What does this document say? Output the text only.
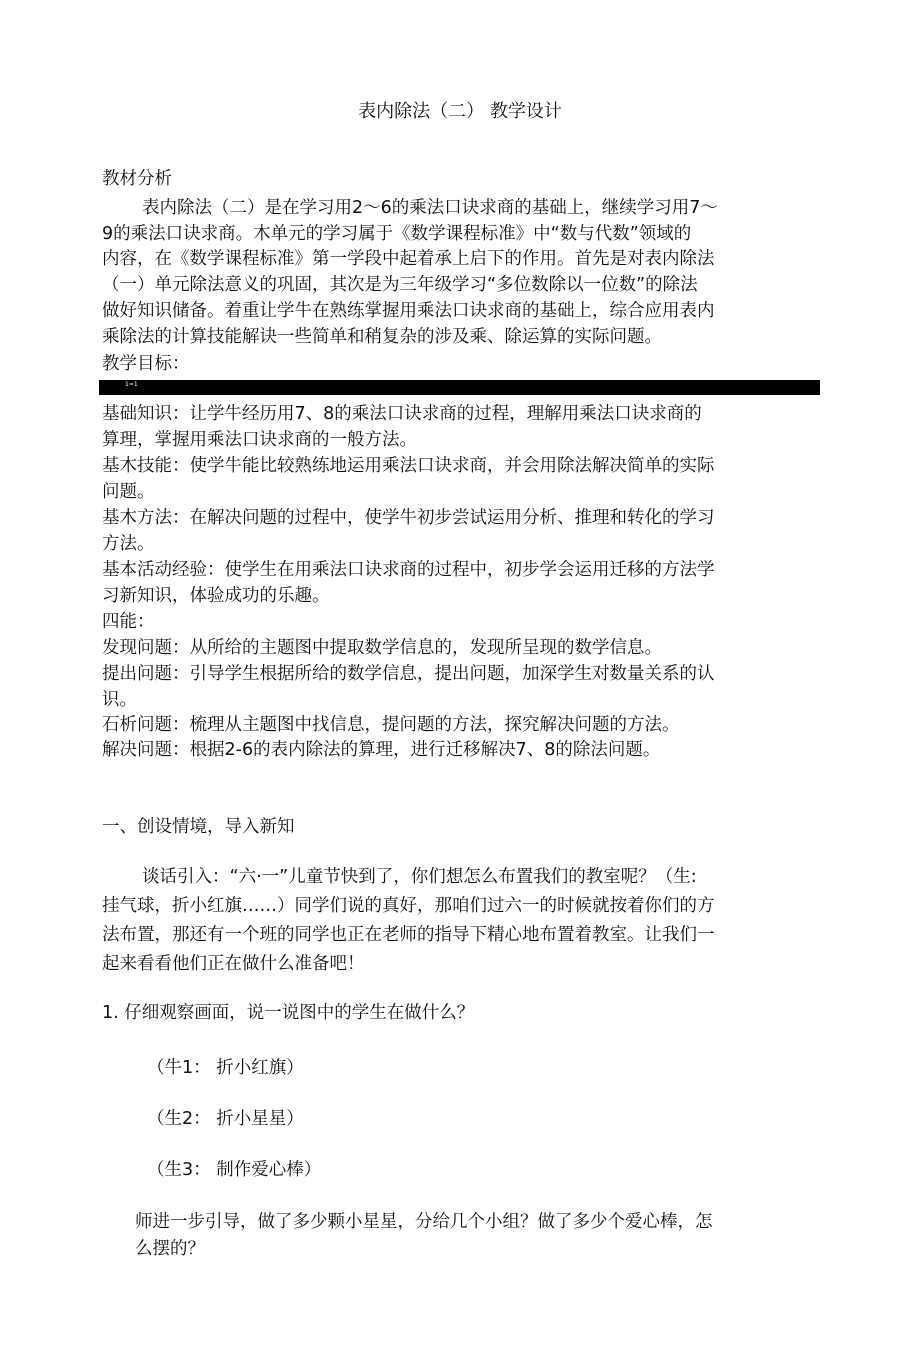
表内除法（二） 教学设计
教材分析
表内除法（二）是在学习用2～6的乘法口诀求商的基础上，继续学习用7～
9的乘法口诀求商。木单元的学习属于《数学课程标准》中“数与代数”领域的
内容，在《数学课程标准》第一学段中起着承上启下的作用。首先是对表内除法
（一）单元除法意义的巩固，其次是为三年级学习“多位数除以一位数”的除法
做好知识储备。着重让学牛在熟练掌握用乘法口诀求商的基础上，综合应用表内
乘除法的计算技能解诀一些简单和稍复杂的涉及乘、除运算的实际问题。
教学目标：
1=1
基础知识：让学牛经历用7、8的乘法口诀求商的过程，理解用乘法口诀求商的
算理，掌握用乘法口诀求商的一般方法。
基木技能：使学牛能比较熟练地运用乘法口诀求商，并会用除法解决简单的实际
问题。
基木方法：在解决问题的过程中，使学牛初步尝试运用分析、推理和转化的学习
方法。
基本活动经验：使学生在用乘法口诀求商的过程中，初步学会运用迁移的方法学
习新知识，体验成功的乐趣。
四能：
发现问题：从所给的主题图中提取数学信息的，发现所呈现的数学信息。
提出问题：引导学生根据所给的数学信息，提出问题，加深学生对数量关系的认
识。
石析问题：梳理从主题图中找信息，提问题的方法，探究解决问题的方法。
解决问题：根据2-6的表内除法的算理，进行迁移解决7、8的除法问题。
一、创设情境，导入新知
谈话引入：“六·一”儿童节快到了，你们想怎么布置我们的教室呢？（生:
挂气球，折小红旗……）同学们说的真好，那咱们过六一的时候就按着你们的方
法布置，那还有一个班的同学也正在老师的指导下精心地布置着教室。让我们一
起来看看他们正在做什么准备吧！
1. 仔细观察画面，说一说图中的学生在做什么？
（牛1： 折小红旗）
（生2： 折小星星）
（生3： 制作爱心棒）
师进一步引导，做了多少颗小星星，分给几个小组？做了多少个爱心棒，怎
么摆的？
